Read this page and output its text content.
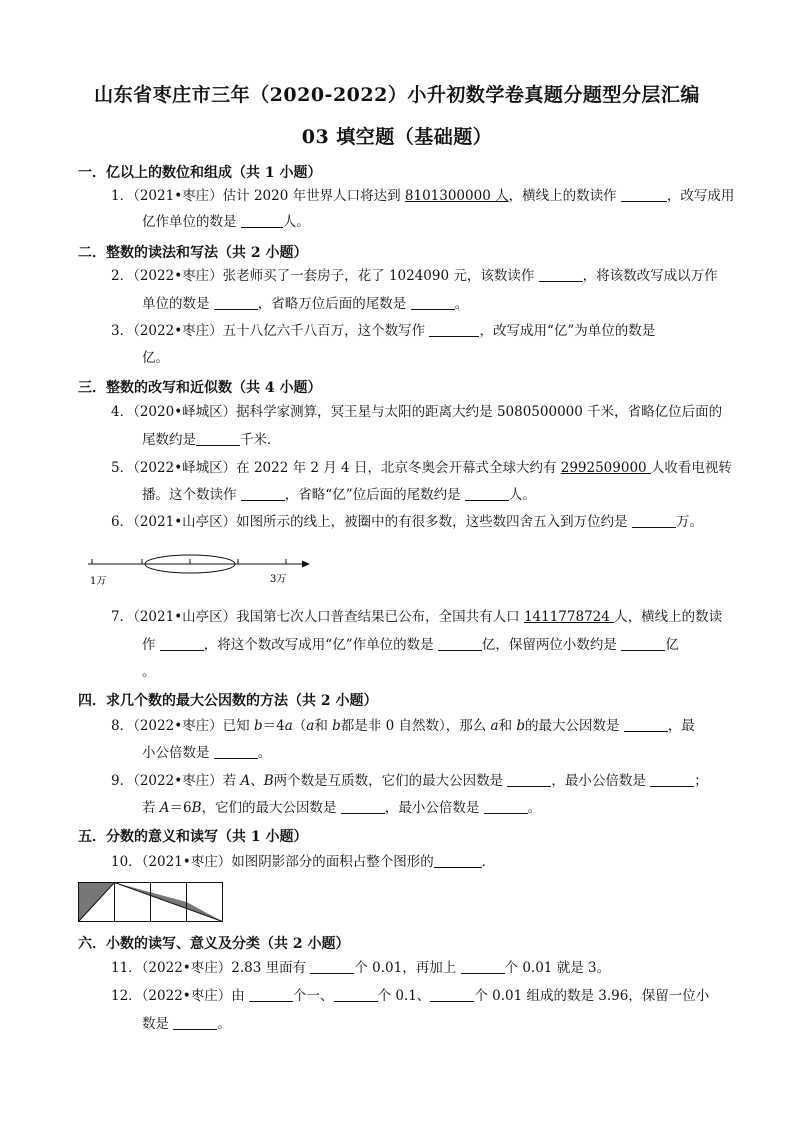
山东省枣庄市三年（2020-2022）小升初数学卷真题分题型分层汇编
03 填空题（基础题）
一．亿以上的数位和组成（共 1 小题）
1．（2021•枣庄）估计 2020 年世界人口将达到 8101300000 人，横线上的数读作	，改写成用
亿作单位的数是	人。
二．整数的读法和写法（共 2 小题）
2．（2022•枣庄）张老师买了一套房子，花了 1024090 元，该数读作	，将该数改写成以万作
单位的数是	，省略万位后面的尾数是	。
3．（2022•枣庄）五十八亿六千八百万，这个数写作	，改写成用“亿”为单位的数是
亿。
三．整数的改写和近似数（共 4 小题）
4．（2020•峄城区）据科学家测算，冥王星与太阳的距离大约是 5080500000 千米，省略亿位后面的
尾数约是	千米．
5．（2022•峄城区）在 2022 年 2 月 4 日，北京冬奥会开幕式全球大约有 2992509000 人收看电视转
播。这个数读作	，省略“亿”位后面的尾数约是	人。
6．（2021•山亭区）如图所示的线上，被圈中的有很多数，这些数四舍五入到万位约是	万。
1万	3万
7．（2021•山亭区）我国第七次人口普查结果已公布，全国共有人口 1411778724 人，横线上的数读
作	，将这个数改写成用“亿”作单位的数是	亿，保留两位小数约是	亿
。
四．求几个数的最大公因数的方法（共 2 小题）
8．（2022•枣庄）已知 b＝4a（a和 b都是非 0 自然数），那么 a和 b的最大公因数是	，最
小公倍数是	。
9．（2022•枣庄）若 A、B两个数是互质数，它们的最大公因数是	，最小公倍数是	；
若 A＝6B，它们的最大公因数是	，最小公倍数是	。
五．分数的意义和读写（共 1 小题）
10．（2021•枣庄）如图阴影部分的面积占整个图形的	．
六．小数的读写、意义及分类（共 2 小题）
11．（2022•枣庄）2.83 里面有	个 0.01，再加上	个 0.01 就是 3。
12．（2022•枣庄）由	个一、	个 0.1、	个 0.01 组成的数是 3.96，保留一位小
数是	。
